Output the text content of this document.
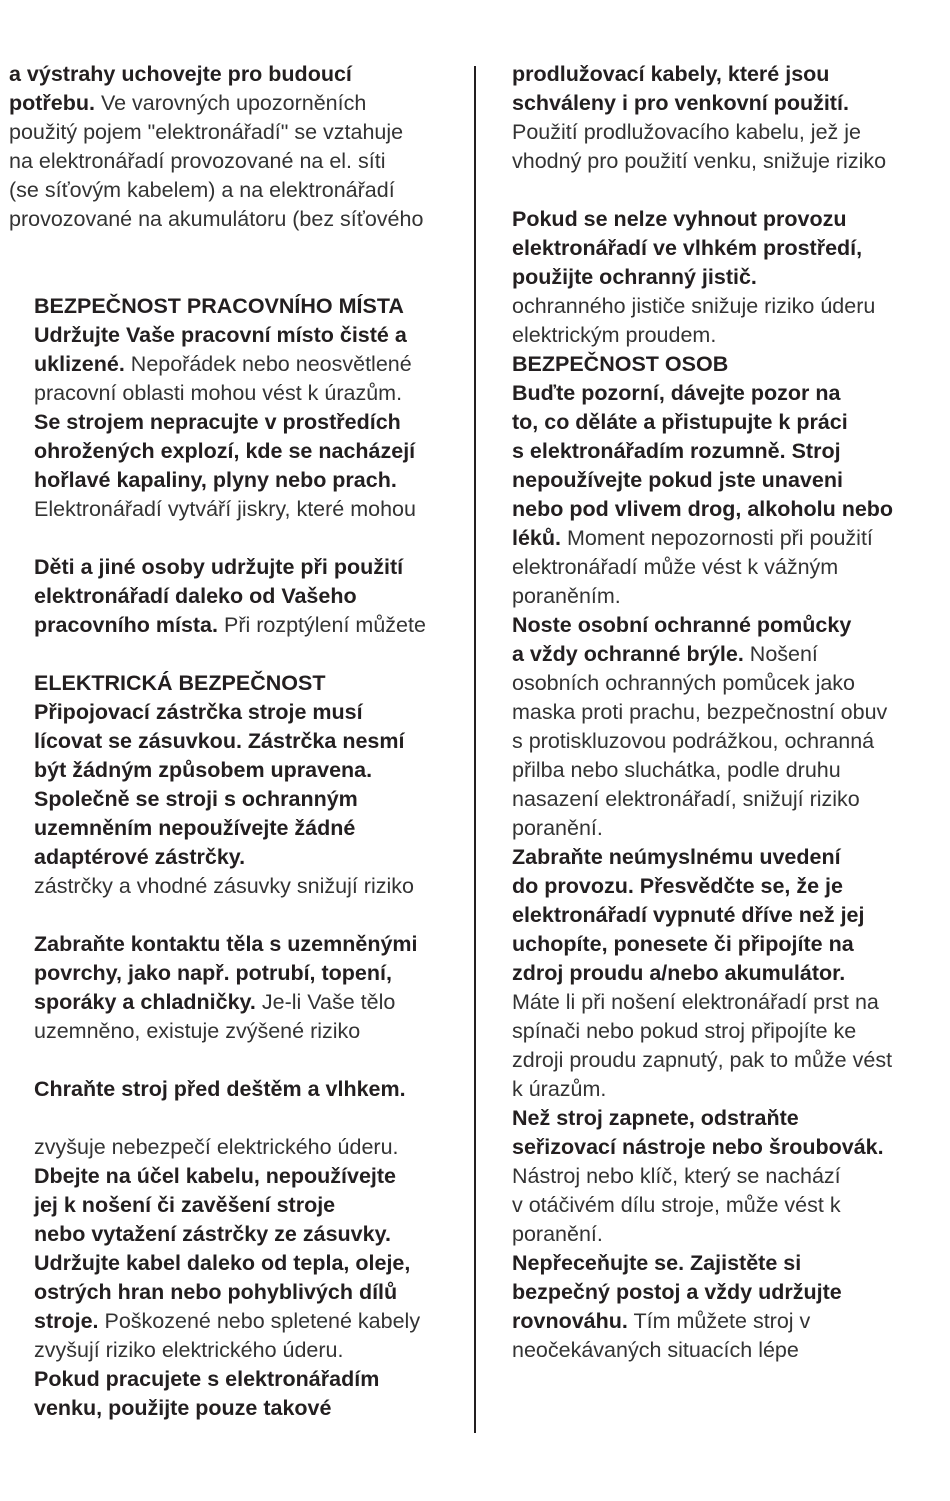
a výstrahy uchovejte pro budoucí
potřebu. Ve varovných upozorněních
použitý pojem "elektronářadí" se vztahuje
na elektronářadí provozované na el. síti
(se síťovým kabelem) a na elektronářadí
provozované na akumulátoru (bez síťového
BEZPEČNOST PRACOVNÍHO MÍSTA
Udržujte Vaše pracovní místo čisté a
uklizené. Nepořádek nebo neosvětlené
pracovní oblasti mohou vést k úrazům.
Se strojem nepracujte v prostředích
ohrožených explozí, kde se nacházejí
hořlavé kapaliny, plyny nebo prach.
Elektronářadí vytváří jiskry, které mohou
Děti a jiné osoby udržujte při použití
elektronářadí daleko od Vašeho
pracovního místa. Při rozptýlení můžete
ELEKTRICKÁ BEZPEČNOST
Připojovací zástrčka stroje musí
lícovat se zásuvkou. Zástrčka nesmí
být žádným způsobem upravena.
Společně se stroji s ochranným
uzemněním nepoužívejte žádné
adaptérové zástrčky.
zástrčky a vhodné zásuvky snižují riziko
Zabraňte kontaktu těla s uzemněnými
povrchy, jako např. potrubí, topení,
sporáky a chladničky. Je-li Vaše tělo
uzemněno, existuje zvýšené riziko
Chraňte stroj před deštěm a vlhkem.
zvyšuje nebezpečí elektrického úderu.
Dbejte na účel kabelu, nepoužívejte
jej k nošení či zavěšení stroje
nebo vytažení zástrčky ze zásuvky.
Udržujte kabel daleko od tepla, oleje,
ostrých hran nebo pohyblivých dílů
stroje. Poškozené nebo spletené kabely
zvyšují riziko elektrického úderu.
Pokud pracujete s elektronářadím
venku, použijte pouze takové
prodlužovací kabely, které jsou
schváleny i pro venkovní použití.
Použití prodlužovacího kabelu, jež je
vhodný pro použití venku, snižuje riziko
Pokud se nelze vyhnout provozu
elektronářadí ve vlhkém prostředí,
použijte ochranný jistič.
ochranného jističe snižuje riziko úderu
elektrickým proudem.
BEZPEČNOST OSOB
Buďte pozorní, dávejte pozor na
to, co děláte a přistupujte k práci
s elektronářadím rozumně. Stroj
nepoužívejte pokud jste unaveni
nebo pod vlivem drog, alkoholu nebo
léků. Moment nepozornosti při použití
elektronářadí může vést k vážným
poraněním.
Noste osobní ochranné pomůcky
a vždy ochranné brýle. Nošení
osobních ochranných pomůcek jako
maska proti prachu, bezpečnostní obuv
s protiskluzovou podrážkou, ochranná
přilba nebo sluchátka, podle druhu
nasazení elektronářadí, snižují riziko
poranění.
Zabraňte neúmyslnému uvedení
do provozu. Přesvědčte se, že je
elektronářadí vypnuté dříve než jej
uchopíte, ponesete či připojíte na
zdroj proudu a/nebo akumulátor.
Máte li při nošení elektronářadí prst na
spínači nebo pokud stroj připojíte ke
zdroji proudu zapnutý, pak to může vést
k úrazům.
Než stroj zapnete, odstraňte
seřizovací nástroje nebo šroubovák.
Nástroj nebo klíč, který se nachází
v otáčivém dílu stroje, může vést k
poranění.
Nepřeceňujte se. Zajistěte si
bezpečný postoj a vždy udržujte
rovnováhu. Tím můžete stroj v
neočekávaných situacích lépe
